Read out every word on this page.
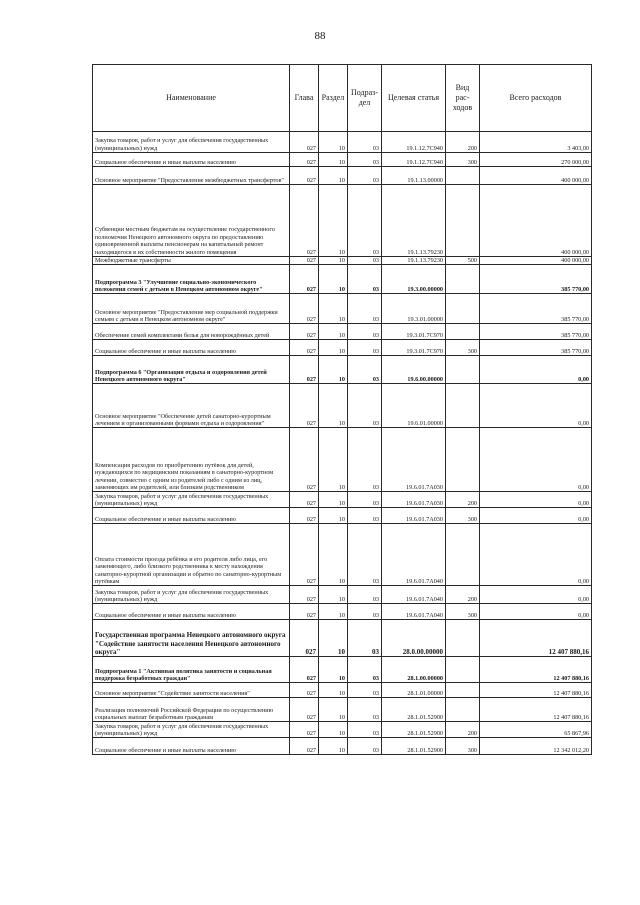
88
Наименование	Глава	Раздел	Подраз-дел	Целевая статья	Вид рас-ходов	Всего расходов
Закупка товаров, работ и услуг для обеспечения государственных (муниципальных) нужд	027	10	03	19.1.12.7С940	200	3 403,00
Социальное обеспечение и иные выплаты населению	027	10	03	19.1.12.7С940	300	270 000,00
Основное мероприятие "Предоставление межбюджетных трансфертов"	027	10	03	19.1.13.00000		400 000,00
Субвенции местным бюджетам на осуществление государственного полномочия Ненецкого автономного округа по предоставлению единовременной выплаты пенсионерам на капитальный ремонт находящегося в их собственности жилого помещения	027	10	03	19.1.13.79230		400 000,00
Межбюджетные трансферты	027	10	03	19.1.13.79230	500	400 000,00
Подпрограмма 3 "Улучшение социально-экономического положения семей с детьми в Ненецком автономном округе"	027	10	03	19.3.00.00000		385 770,00
Основное мероприятие "Предоставление мер социальной поддержки семьям с детьми в Ненецком автономном округе"	027	10	03	19.3.01.00000		385 770,00
Обеспечение семей комплектами белья для новорождённых детей	027	10	03	19.3.01.7С970		385 770,00
Социальное обеспечение и иные выплаты населению	027	10	03	19.3.01.7С970	300	385 770,00
Подпрограмма 6 "Организация отдыха и оздоровления детей Ненецкого автономного округа"	027	10	03	19.6.00.00000		0,00
Основное мероприятие "Обеспечение детей санаторно-курортным лечением и организованными формами отдыха и оздоровления"	027	10	03	19.6.01.00000		0,00
Компенсация расходов по приобретению путёвок для детей, нуждающихся по медицинским показаниям в санаторно-курортном лечении, совместно с одним из родителей либо с одним из лиц, заменяющих им родителей, или близким родственником	027	10	03	19.6.01.7А030		0,00
Закупка товаров, работ и услуг для обеспечения государственных (муниципальных) нужд	027	10	03	19.6.01.7А030	200	0,00
Социальное обеспечение и иные выплаты населению	027	10	03	19.6.01.7А030	300	0,00
Оплата стоимости проезда ребёнка и его родителя либо лица, его заменяющего, либо близкого родственника к месту нахождения санаторно-курортной организации и обратно по санаторно-курортным путёвкам	027	10	03	19.6.01.7А040		0,00
Закупка товаров, работ и услуг для обеспечения государственных (муниципальных) нужд	027	10	03	19.6.01.7А040	200	0,00
Социальное обеспечение и иные выплаты населению	027	10	03	19.6.01.7А040	300	0,00
Государственная программа Ненецкого автономного округа "Содействие занятости населения Ненецкого автономного округа"	027	10	03	28.0.00.00000		12 407 880,16
Подпрограмма 1 "Активная политика занятости и социальная поддержка безработных граждан"	027	10	03	28.1.00.00000		12 407 880,16
Основное мероприятие "Содействие занятости населения"	027	10	03	28.1.01.00000		12 407 880,16
Реализация полномочий Российской Федерации по осуществлению социальных выплат безработным гражданам	027	10	03	28.1.01.52900		12 407 880,16
Закупка товаров, работ и услуг для обеспечения государственных (муниципальных) нужд	027	10	03	28.1.01.52900	200	65 867,96
Социальное обеспечение и иные выплаты населению	027	10	03	28.1.01.52900	300	12 342 012,20
